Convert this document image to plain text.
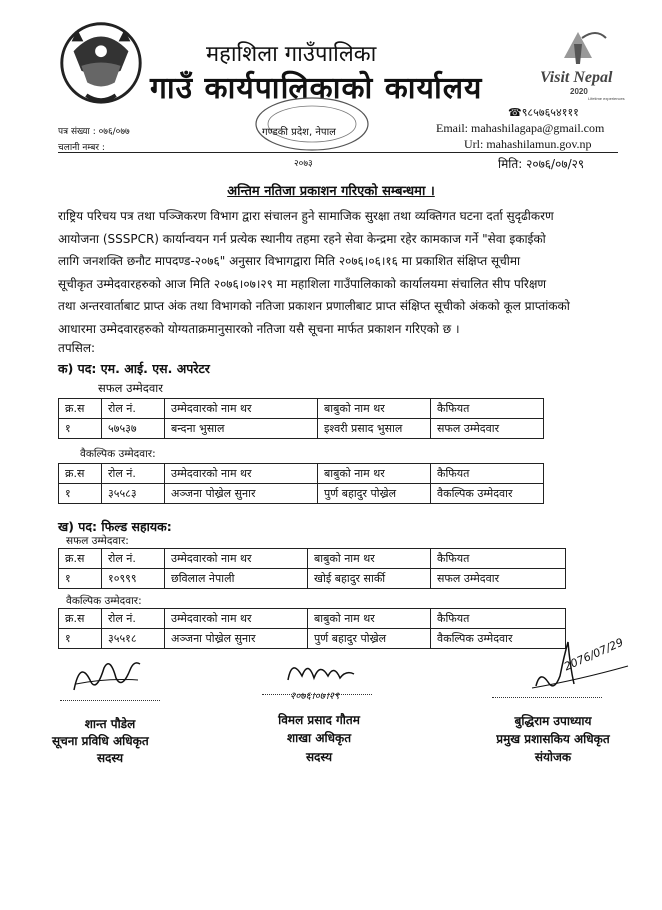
महाशिला गाउँपालिका
गाउँ कार्यपालिकाको कार्यालय	Visit Nepal
2020
Lifetime experiences
☎९८५७६५४१११
Email: mahashilagapa@gmail.com
Url: mahashilamun.gov.np
पत्र संख्या : ०७६/०७७
चलानी नम्बर :
गण्डकी प्रदेश, नेपाल
२०७३	मिति: २०७६/०७/२९
अन्तिम नतिजा प्रकाशन गरिएको सम्बन्धमा ।
राष्ट्रिय परिचय पत्र तथा पञ्जिकरण विभाग द्वारा संचालन हुने सामाजिक सुरक्षा तथा व्यक्तिगत घटना दर्ता सुदृढीकरण
आयोजना (SSSPCR) कार्यान्वयन गर्न प्रत्येक स्थानीय तहमा रहने सेवा केन्द्रमा रहेर कामकाज गर्ने "सेवा इकाईको
लागि जनशक्ति छनौट मापदण्ड-२०७६" अनुसार विभागद्वारा मिति २०७६।०६।१६ मा प्रकाशित संक्षिप्त सूचीमा
सूचीकृत उम्मेदवारहरुको आज मिति २०७६।०७।२९ मा महाशिला गाउँपालिकाको कार्यालयमा संचालित सीप परिक्षण
तथा अन्तरवार्ताबाट प्राप्त अंक तथा विभागको नतिजा प्रकाशन प्रणालीबाट प्राप्त संक्षिप्त सूचीको अंकको कूल प्राप्तांकको
आधारमा उम्मेदवारहरुको योग्यताक्रमानुसारको नतिजा यसै सूचना मार्फत प्रकाशन गरिएको छ ।
तपसिल:
क) पद: एम. आई. एस. अपरेटर
सफल उम्मेदवार
क्र.स	रोल नं.	उम्मेदवारको नाम थर	बाबुको नाम थर	कैफियत
१	५७५३७	बन्दना भुसाल	इश्वरी प्रसाद भुसाल	सफल उम्मेदवार
वैकल्पिक उम्मेदवार:
क्र.स	रोल नं.	उम्मेदवारको नाम थर	बाबुको नाम थर	कैफियत
१	३५५८३	अञ्जना पोख्रेल सुनार	पुर्ण बहादुर पोख्रेल	वैकल्पिक उम्मेदवार
ख) पद: फिल्ड सहायक:
सफल उम्मेदवार:
क्र.स	रोल नं.	उम्मेदवारको नाम थर	बाबुको नाम थर	कैफियत
१	१०९९९	छविलाल नेपाली	खोई बहादुर सार्की	सफल उम्मेदवार
वैकल्पिक उम्मेदवार:
क्र.स	रोल नं.	उम्मेदवारको नाम थर	बाबुको नाम थर	कैफियत
१	३५५१८	अञ्जना पोख्रेल सुनार	पुर्ण बहादुर पोख्रेल	वैकल्पिक उम्मेदवार
२०७६।०७।२९
2076/07/29
शान्त पौडेल
सूचना प्रविधि अधिकृत
सदस्य
विमल प्रसाद गौतम
शाखा अधिकृत
सदस्य
बुद्धिराम उपाध्याय
प्रमुख प्रशासकिय अधिकृत
संयोजक
